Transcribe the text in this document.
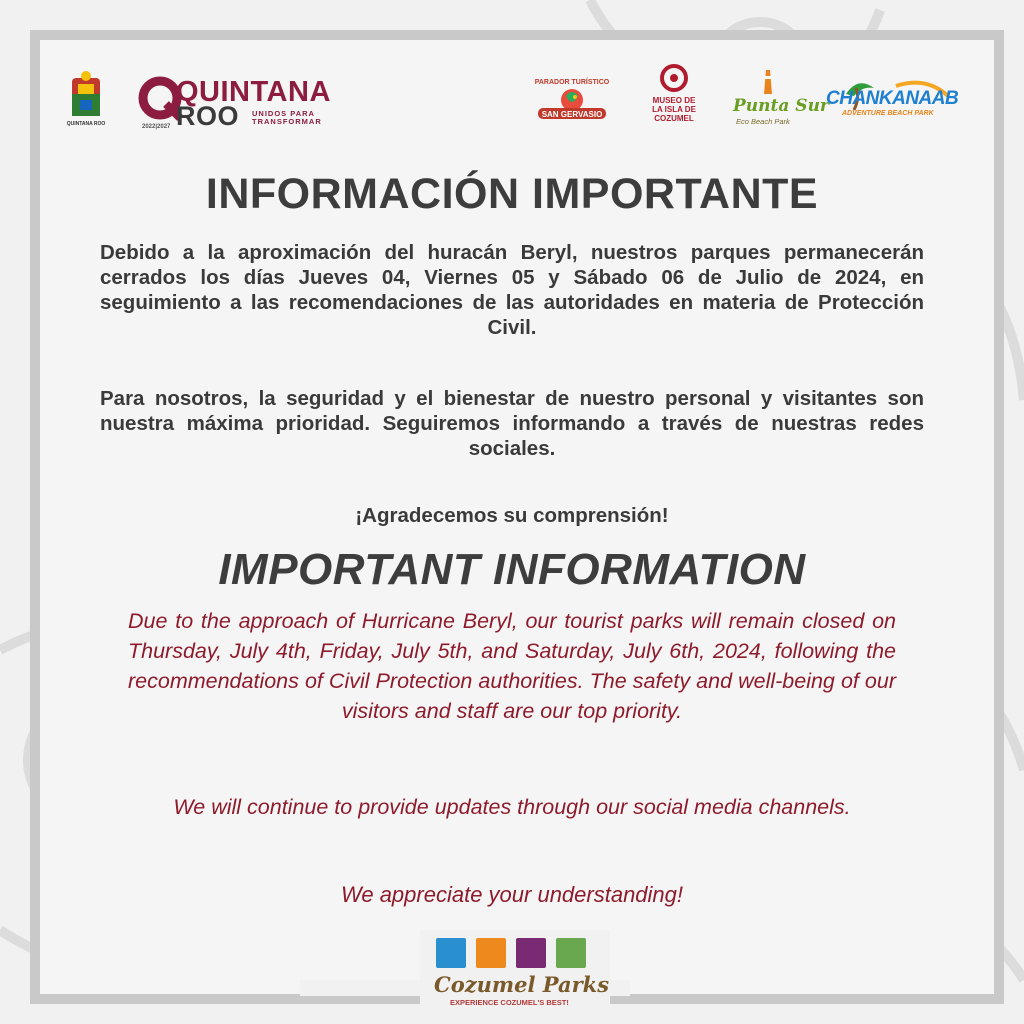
QUINTANA ROO
QUINTANA
ROO UNIDOS PARA
TRANSFORMAR
2022|2027
PARADOR TURÍSTICO
SAN GERVASIO
MUSEO DE LA ISLA DE COZUMEL
Punta Sur
Eco Beach Park
CHANKANAAB
ADVENTURE BEACH PARK
INFORMACIÓN IMPORTANTE
Debido a la aproximación del huracán Beryl, nuestros parques permanecerán cerrados los días Jueves 04, Viernes 05 y Sábado 06 de Julio de 2024, en seguimiento a las recomendaciones de las autoridades en materia de Protección Civil.
Para nosotros, la seguridad y el bienestar de nuestro personal y visitantes son nuestra máxima prioridad. Seguiremos informando a través de nuestras redes sociales.
¡Agradecemos su comprensión!
IMPORTANT INFORMATION
Due to the approach of Hurricane Beryl, our tourist parks will remain closed on Thursday, July 4th, Friday, July 5th, and Saturday, July 6th, 2024, following the recommendations of Civil Protection authorities. The safety and well-being of our visitors and staff are our top priority.
We will continue to provide updates through our social media channels.
We appreciate your understanding!
Cozumel Parks
EXPERIENCE COZUMEL'S BEST!
